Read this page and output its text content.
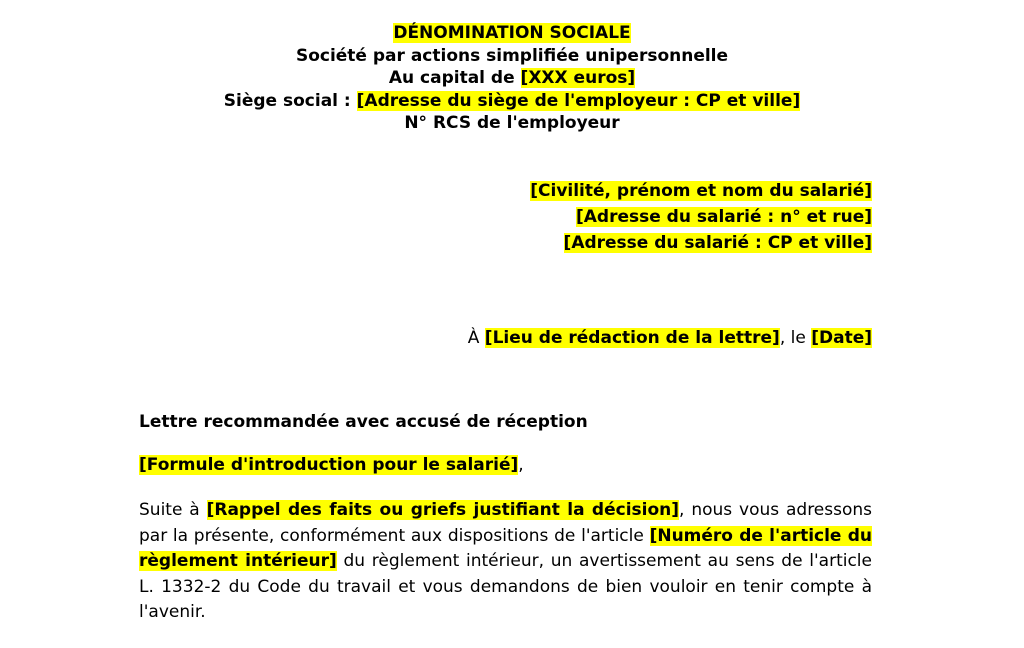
DÉNOMINATION SOCIALE
Société par actions simplifiée unipersonnelle
Au capital de [XXX euros]
Siège social : [Adresse du siège de l'employeur : CP et ville]
N° RCS de l'employeur
[Civilité, prénom et nom du salarié]
[Adresse du salarié : n° et rue]
[Adresse du salarié : CP et ville]
À [Lieu de rédaction de la lettre], le [Date]
Lettre recommandée avec accusé de réception
[Formule d'introduction pour le salarié],
Suite à [Rappel des faits ou griefs justifiant la décision], nous vous adressons par la présente, conformément aux dispositions de l'article [Numéro de l'article du règlement intérieur] du règlement intérieur, un avertissement au sens de l'article L. 1332-2 du Code du travail et vous demandons de bien vouloir en tenir compte à l'avenir.
